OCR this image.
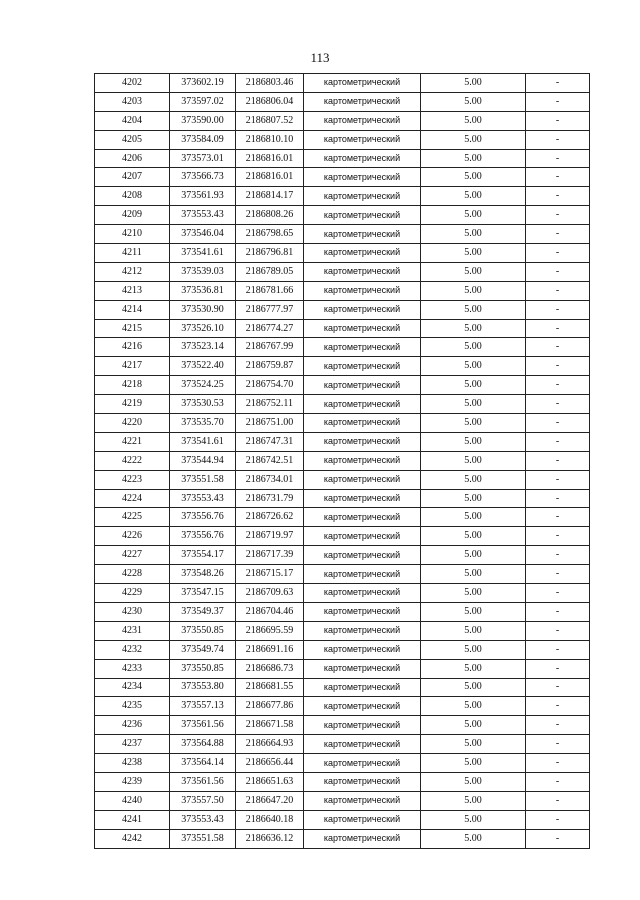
113
4202	373602.19	2186803.46	картометрический	5.00	-
4203	373597.02	2186806.04	картометрический	5.00	-
4204	373590.00	2186807.52	картометрический	5.00	-
4205	373584.09	2186810.10	картометрический	5.00	-
4206	373573.01	2186816.01	картометрический	5.00	-
4207	373566.73	2186816.01	картометрический	5.00	-
4208	373561.93	2186814.17	картометрический	5.00	-
4209	373553.43	2186808.26	картометрический	5.00	-
4210	373546.04	2186798.65	картометрический	5.00	-
4211	373541.61	2186796.81	картометрический	5.00	-
4212	373539.03	2186789.05	картометрический	5.00	-
4213	373536.81	2186781.66	картометрический	5.00	-
4214	373530.90	2186777.97	картометрический	5.00	-
4215	373526.10	2186774.27	картометрический	5.00	-
4216	373523.14	2186767.99	картометрический	5.00	-
4217	373522.40	2186759.87	картометрический	5.00	-
4218	373524.25	2186754.70	картометрический	5.00	-
4219	373530.53	2186752.11	картометрический	5.00	-
4220	373535.70	2186751.00	картометрический	5.00	-
4221	373541.61	2186747.31	картометрический	5.00	-
4222	373544.94	2186742.51	картометрический	5.00	-
4223	373551.58	2186734.01	картометрический	5.00	-
4224	373553.43	2186731.79	картометрический	5.00	-
4225	373556.76	2186726.62	картометрический	5.00	-
4226	373556.76	2186719.97	картометрический	5.00	-
4227	373554.17	2186717.39	картометрический	5.00	-
4228	373548.26	2186715.17	картометрический	5.00	-
4229	373547.15	2186709.63	картометрический	5.00	-
4230	373549.37	2186704.46	картометрический	5.00	-
4231	373550.85	2186695.59	картометрический	5.00	-
4232	373549.74	2186691.16	картометрический	5.00	-
4233	373550.85	2186686.73	картометрический	5.00	-
4234	373553.80	2186681.55	картометрический	5.00	-
4235	373557.13	2186677.86	картометрический	5.00	-
4236	373561.56	2186671.58	картометрический	5.00	-
4237	373564.88	2186664.93	картометрический	5.00	-
4238	373564.14	2186656.44	картометрический	5.00	-
4239	373561.56	2186651.63	картометрический	5.00	-
4240	373557.50	2186647.20	картометрический	5.00	-
4241	373553.43	2186640.18	картометрический	5.00	-
4242	373551.58	2186636.12	картометрический	5.00	-
